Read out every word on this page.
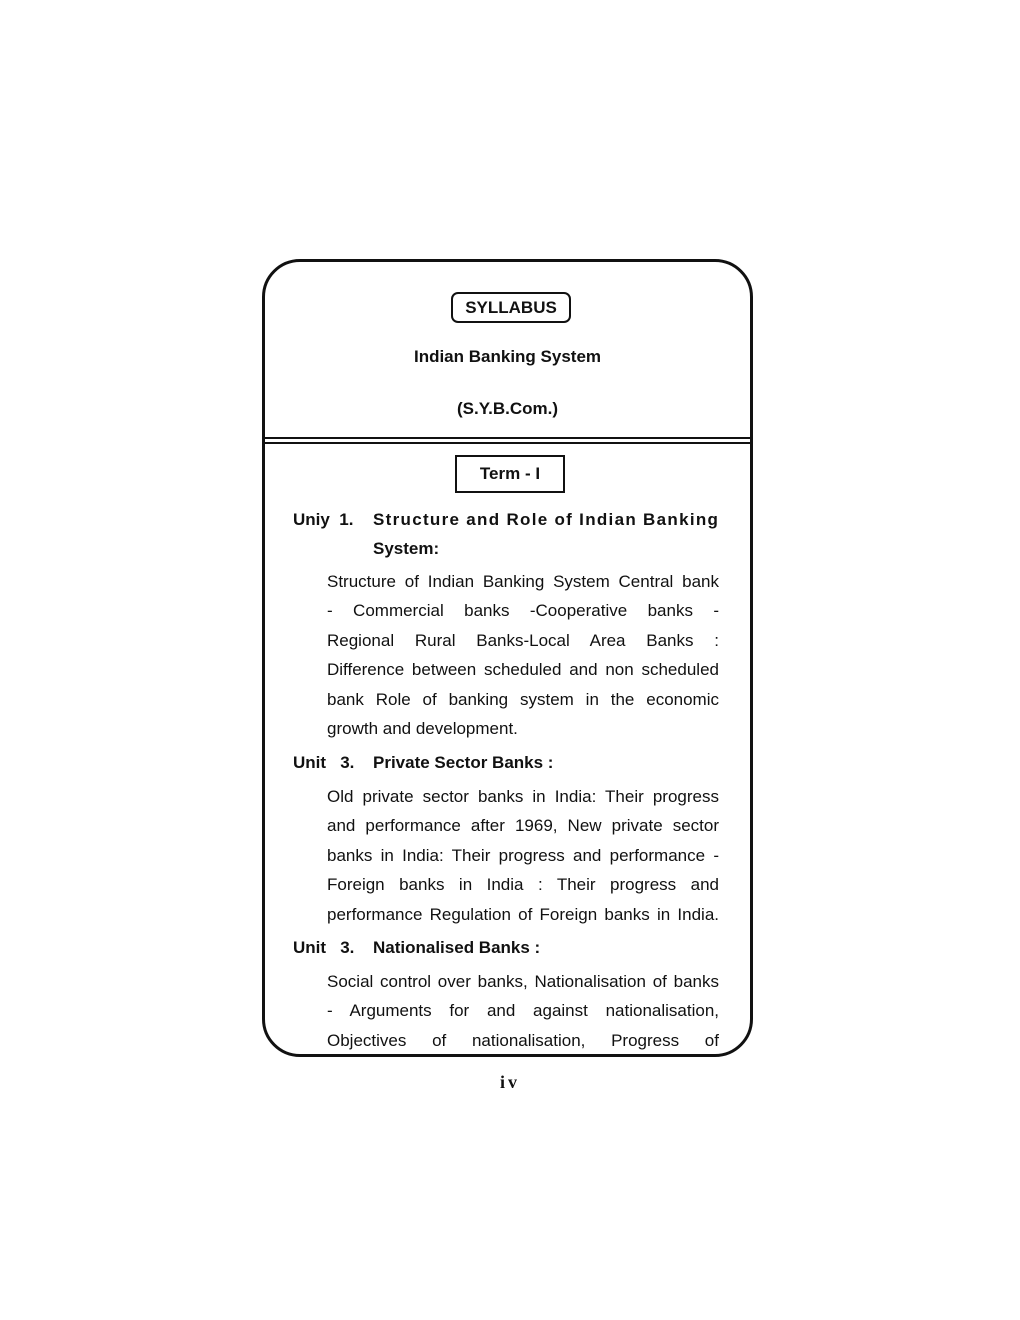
SYLLABUS
Indian Banking System
(S.Y.B.Com.)
Term - I
Uniy 1. Structure and Role of Indian Banking
System:
Structure of Indian Banking System Central bank
- Commercial banks -Cooperative banks -
Regional Rural Banks-Local Area Banks :
Difference between scheduled and non scheduled
bank Role of banking system in the economic
growth and development.
Unit 3. Private Sector Banks :
Old private sector banks in India: Their progress
and performance after 1969, New private sector
banks in India: Their progress and performance -
Foreign banks in India : Their progress and
performance Regulation of Foreign banks in India.
Unit 3. Nationalised Banks :
Social control over banks, Nationalisation of banks
- Arguments for and against nationalisation,
Objectives of nationalisation, Progress of
iv
